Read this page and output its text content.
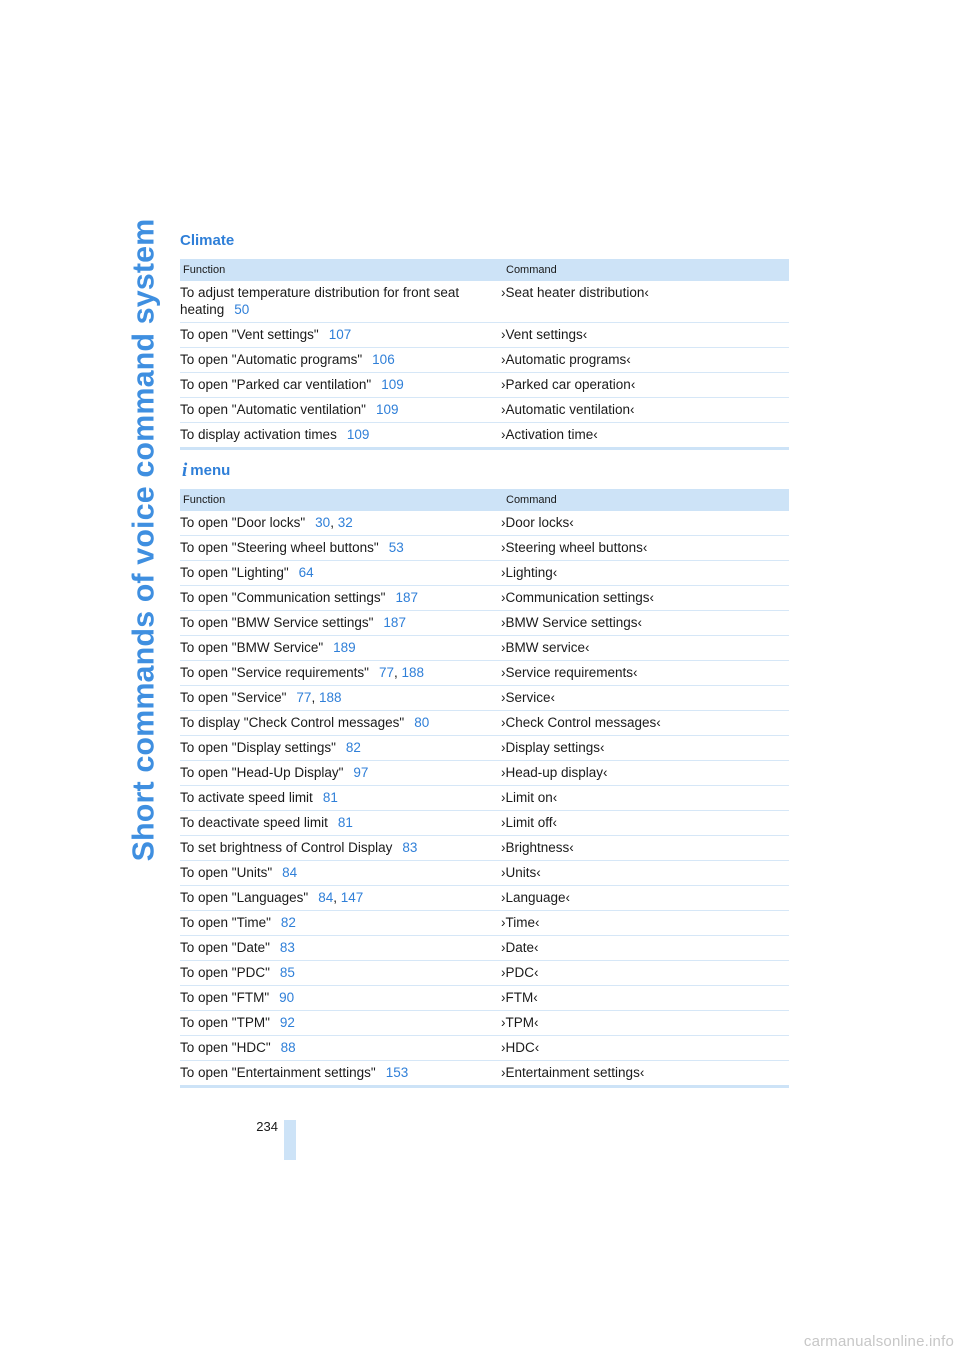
Short commands of voice command system Climate
Function	Command
To adjust temperature distribution for front seat heating 50	›Seat heater distribution‹
To open "Vent settings" 107	›Vent settings‹
To open "Automatic programs" 106	›Automatic programs‹
To open "Parked car ventilation" 109	›Parked car operation‹
To open "Automatic ventilation" 109	›Automatic ventilation‹
To display activation times 109	›Activation time‹
i menu
Function	Command
To open "Door locks" 30, 32	›Door locks‹
To open "Steering wheel buttons" 53	›Steering wheel buttons‹
To open "Lighting" 64	›Lighting‹
To open "Communication settings" 187	›Communication settings‹
To open "BMW Service settings" 187	›BMW Service settings‹
To open "BMW Service" 189	›BMW service‹
To open "Service requirements" 77, 188	›Service requirements‹
To open "Service" 77, 188	›Service‹
To display "Check Control messages" 80	›Check Control messages‹
To open "Display settings" 82	›Display settings‹
To open "Head-Up Display" 97	›Head-up display‹
To activate speed limit 81	›Limit on‹
To deactivate speed limit 81	›Limit off‹
To set brightness of Control Display 83	›Brightness‹
To open "Units" 84	›Units‹
To open "Languages" 84, 147	›Language‹
To open "Time" 82	›Time‹
To open "Date" 83	›Date‹
To open "PDC" 85	›PDC‹
To open "FTM" 90	›FTM‹
To open "TPM" 92	›TPM‹
To open "HDC" 88	›HDC‹
To open "Entertainment settings" 153	›Entertainment settings‹
234
carmanualsonline.info
